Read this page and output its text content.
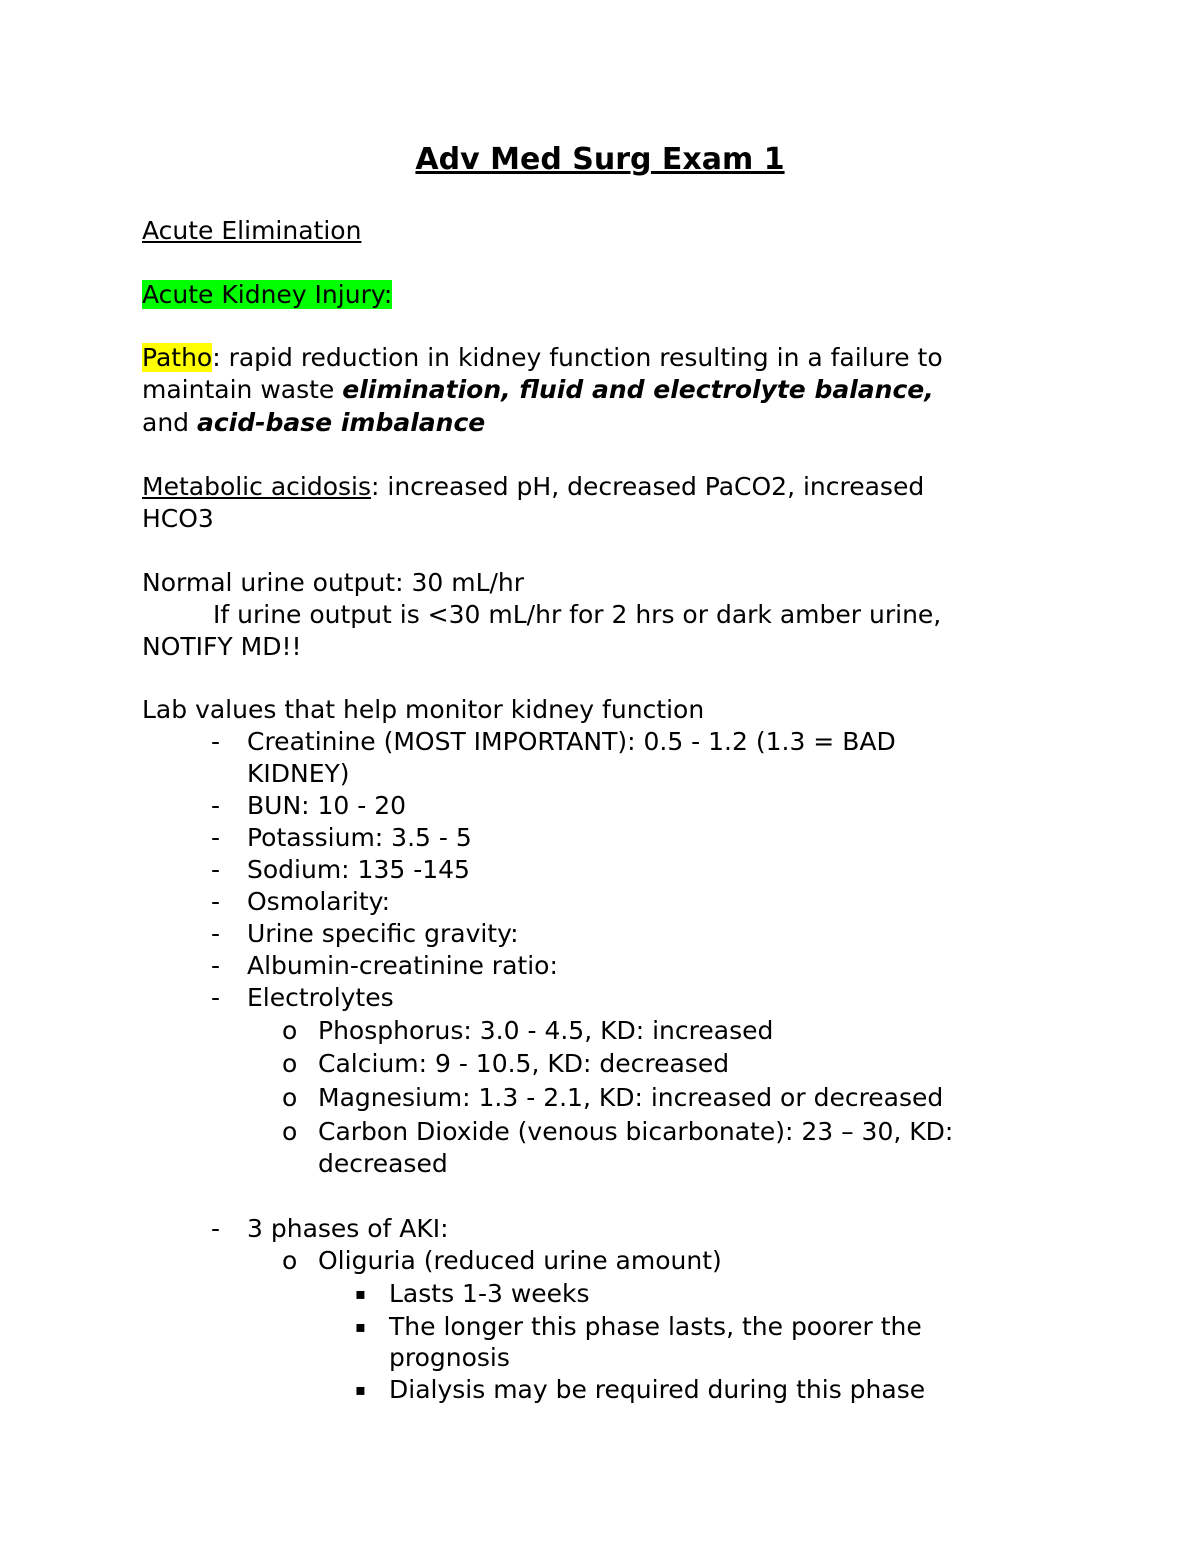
Adv Med Surg Exam 1
Acute Elimination
Acute Kidney Injury:
Patho: rapid reduction in kidney function resulting in a failure to
maintain waste elimination, fluid and electrolyte balance,
and acid-base imbalance
Metabolic acidosis: increased pH, decreased PaCO2, increased
HCO3
Normal urine output: 30 mL/hr
If urine output is <30 mL/hr for 2 hrs or dark amber urine,
NOTIFY MD!!
Lab values that help monitor kidney function
- Creatinine (MOST IMPORTANT): 0.5 - 1.2 (1.3 = BAD
KIDNEY)
- BUN: 10 - 20
- Potassium: 3.5 - 5
- Sodium: 135 -145
- Osmolarity:
- Urine specific gravity:
- Albumin-creatinine ratio:
- Electrolytes
o Phosphorus: 3.0 - 4.5, KD: increased
o Calcium: 9 - 10.5, KD: decreased
o Magnesium: 1.3 - 2.1, KD: increased or decreased
o Carbon Dioxide (venous bicarbonate): 23 – 30, KD:
decreased
- 3 phases of AKI:
o Oliguria (reduced urine amount)
▪ Lasts 1-3 weeks
▪ The longer this phase lasts, the poorer the
prognosis
▪ Dialysis may be required during this phase
